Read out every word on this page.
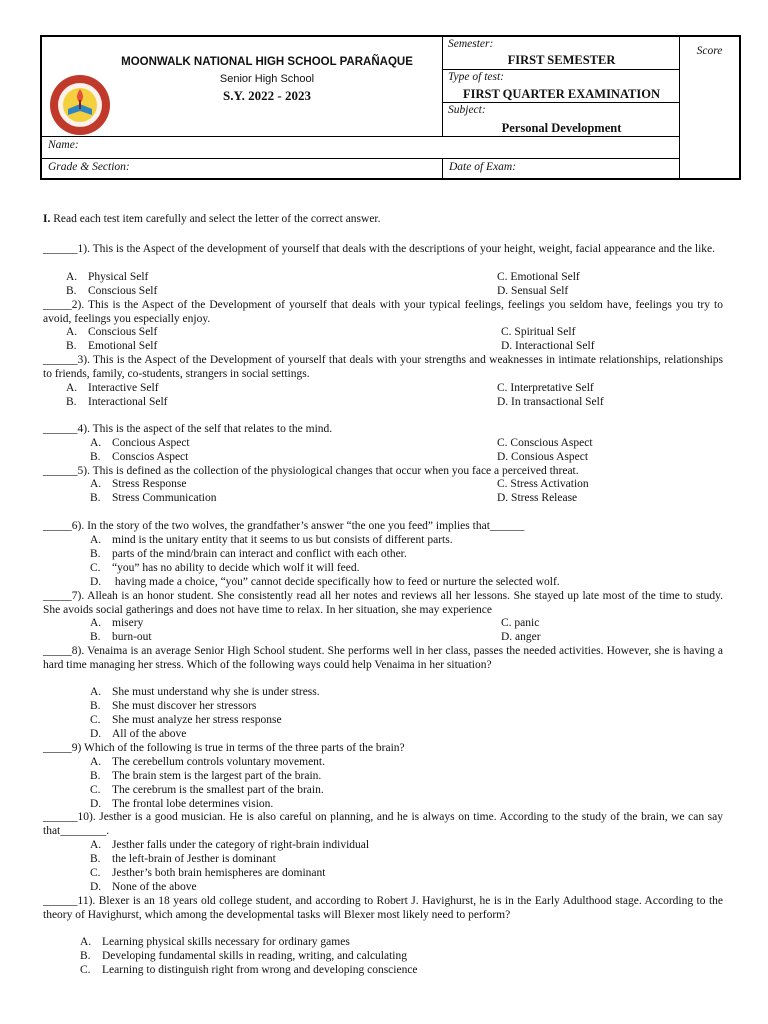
MOONWALK NATIONAL HIGH SCHOOL PARAÑAQUE
Senior High School
S.Y. 2022 - 2023
Semester:
FIRST SEMESTER
Type of test:
FIRST QUARTER EXAMINATION
Subject:
Personal Development
Score
Name:
Grade & Section:	Date of Exam:
I. Read each test item carefully and select the letter of the correct answer.
______1). This is the Aspect of the development of yourself that deals with the descriptions of your height, weight, facial appearance and the like.
A. Physical Self
B. Conscious Self
C. Emotional Self
D. Sensual Self
_____2). This is the Aspect of the Development of yourself that deals with your typical feelings, feelings you seldom have, feelings you try to avoid, feelings you especially enjoy.
A. Conscious Self
B. Emotional Self
C. Spiritual Self
D. Interactional Self
______3). This is the Aspect of the Development of yourself that deals with your strengths and weaknesses in intimate relationships, relationships to friends, family, co-students, strangers in social settings.
A. Interactive Self
B. Interactional Self
C. Interpretative Self
D. In transactional Self
______4). This is the aspect of the self that relates to the mind.
A. Concious Aspect
B. Conscios Aspect
C. Conscious Aspect
D. Consious Aspect
______5). This is defined as the collection of the physiological changes that occur when you face a perceived threat.
A. Stress Response
B. Stress Communication
C. Stress Activation
D. Stress Release
_____6). In the story of the two wolves, the grandfather’s answer “the one you feed” implies that______
A. mind is the unitary entity that it seems to us but consists of different parts.
B. parts of the mind/brain can interact and conflict with each other.
C. “you” has no ability to decide which wolf it will feed.
D. having made a choice, “you” cannot decide specifically how to feed or nurture the selected wolf.
_____7). Alleah is an honor student. She consistently read all her notes and reviews all her lessons. She stayed up late most of the time to study. She avoids social gatherings and does not have time to relax. In her situation, she may experience
A. misery
B. burn-out
C. panic
D. anger
_____8). Venaima is an average Senior High School student. She performs well in her class, passes the needed activities. However, she is having a hard time managing her stress. Which of the following ways could help Venaima in her situation?
A. She must understand why she is under stress.
B. She must discover her stressors
C. She must analyze her stress response
D. All of the above
_____9) Which of the following is true in terms of the three parts of the brain?
A. The cerebellum controls voluntary movement.
B. The brain stem is the largest part of the brain.
C. The cerebrum is the smallest part of the brain.
D. The frontal lobe determines vision.
______10). Jesther is a good musician. He is also careful on planning, and he is always on time. According to the study of the brain, we can say that________.
A. Jesther falls under the category of right-brain individual
B. the left-brain of Jesther is dominant
C. Jesther’s both brain hemispheres are dominant
D. None of the above
______11). Blexer is an 18 years old college student, and according to Robert J. Havighurst, he is in the Early Adulthood stage. According to the theory of Havighurst, which among the developmental tasks will Blexer most likely need to perform?
A. Learning physical skills necessary for ordinary games
B. Developing fundamental skills in reading, writing, and calculating
C. Learning to distinguish right from wrong and developing conscience
